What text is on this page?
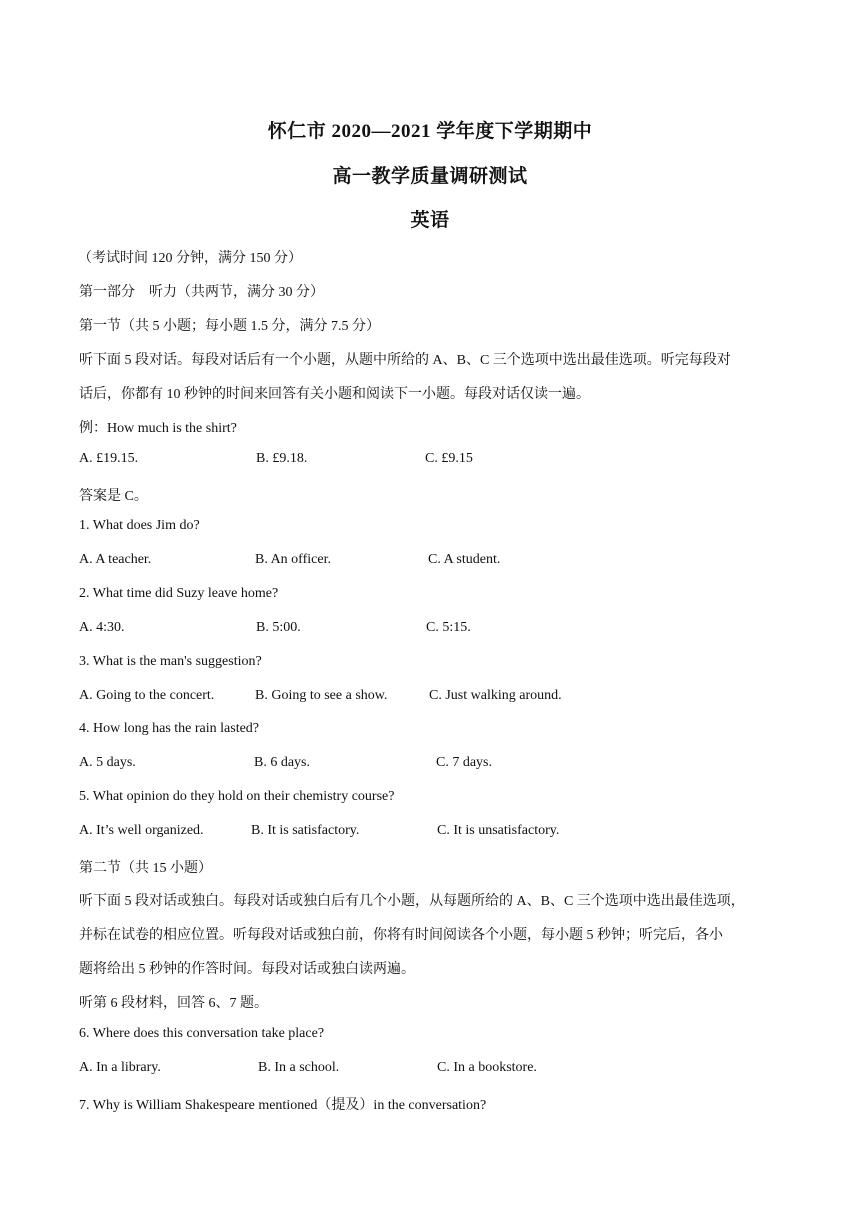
怀仁市 2020—2021 学年度下学期期中
高一教学质量调研测试
英语
（考试时间 120 分钟，满分 150 分）
第一部分　听力（共两节，满分 30 分）
第一节（共 5 小题；每小题 1.5 分，满分 7.5 分）
听下面 5 段对话。每段对话后有一个小题，从题中所给的 A、B、C 三个选项中选出最佳选项。听完每段对
话后，你都有 10 秒钟的时间来回答有关小题和阅读下一小题。每段对话仅读一遍。
例：How much is the shirt?
A. £19.15.	B. £9.18.	C. £9.15
答案是 C。
1. What does Jim do?
A. A teacher.	B. An officer.	C. A student.
2. What time did Suzy leave home?
A. 4:30.	B. 5:00.	C. 5:15.
3. What is the man's suggestion?
A. Going to the concert.	B. Going to see a show.	C. Just walking around.
4. How long has the rain lasted?
A. 5 days.	B. 6 days.	C. 7 days.
5. What opinion do they hold on their chemistry course?
A. It’s well organized.	B. It is satisfactory.	C. It is unsatisfactory.
第二节（共 15 小题）
听下面 5 段对话或独白。每段对话或独白后有几个小题，从每题所给的 A、B、C 三个选项中选出最佳选项，
并标在试卷的相应位置。听每段对话或独白前，你将有时间阅读各个小题，每小题 5 秒钟；听完后，各小
题将给出 5 秒钟的作答时间。每段对话或独白读两遍。
听第 6 段材料，回答 6、7 题。
6. Where does this conversation take place?
A. In a library.	B. In a school.	C. In a bookstore.
7. Why is William Shakespeare mentioned（提及）in the conversation?
